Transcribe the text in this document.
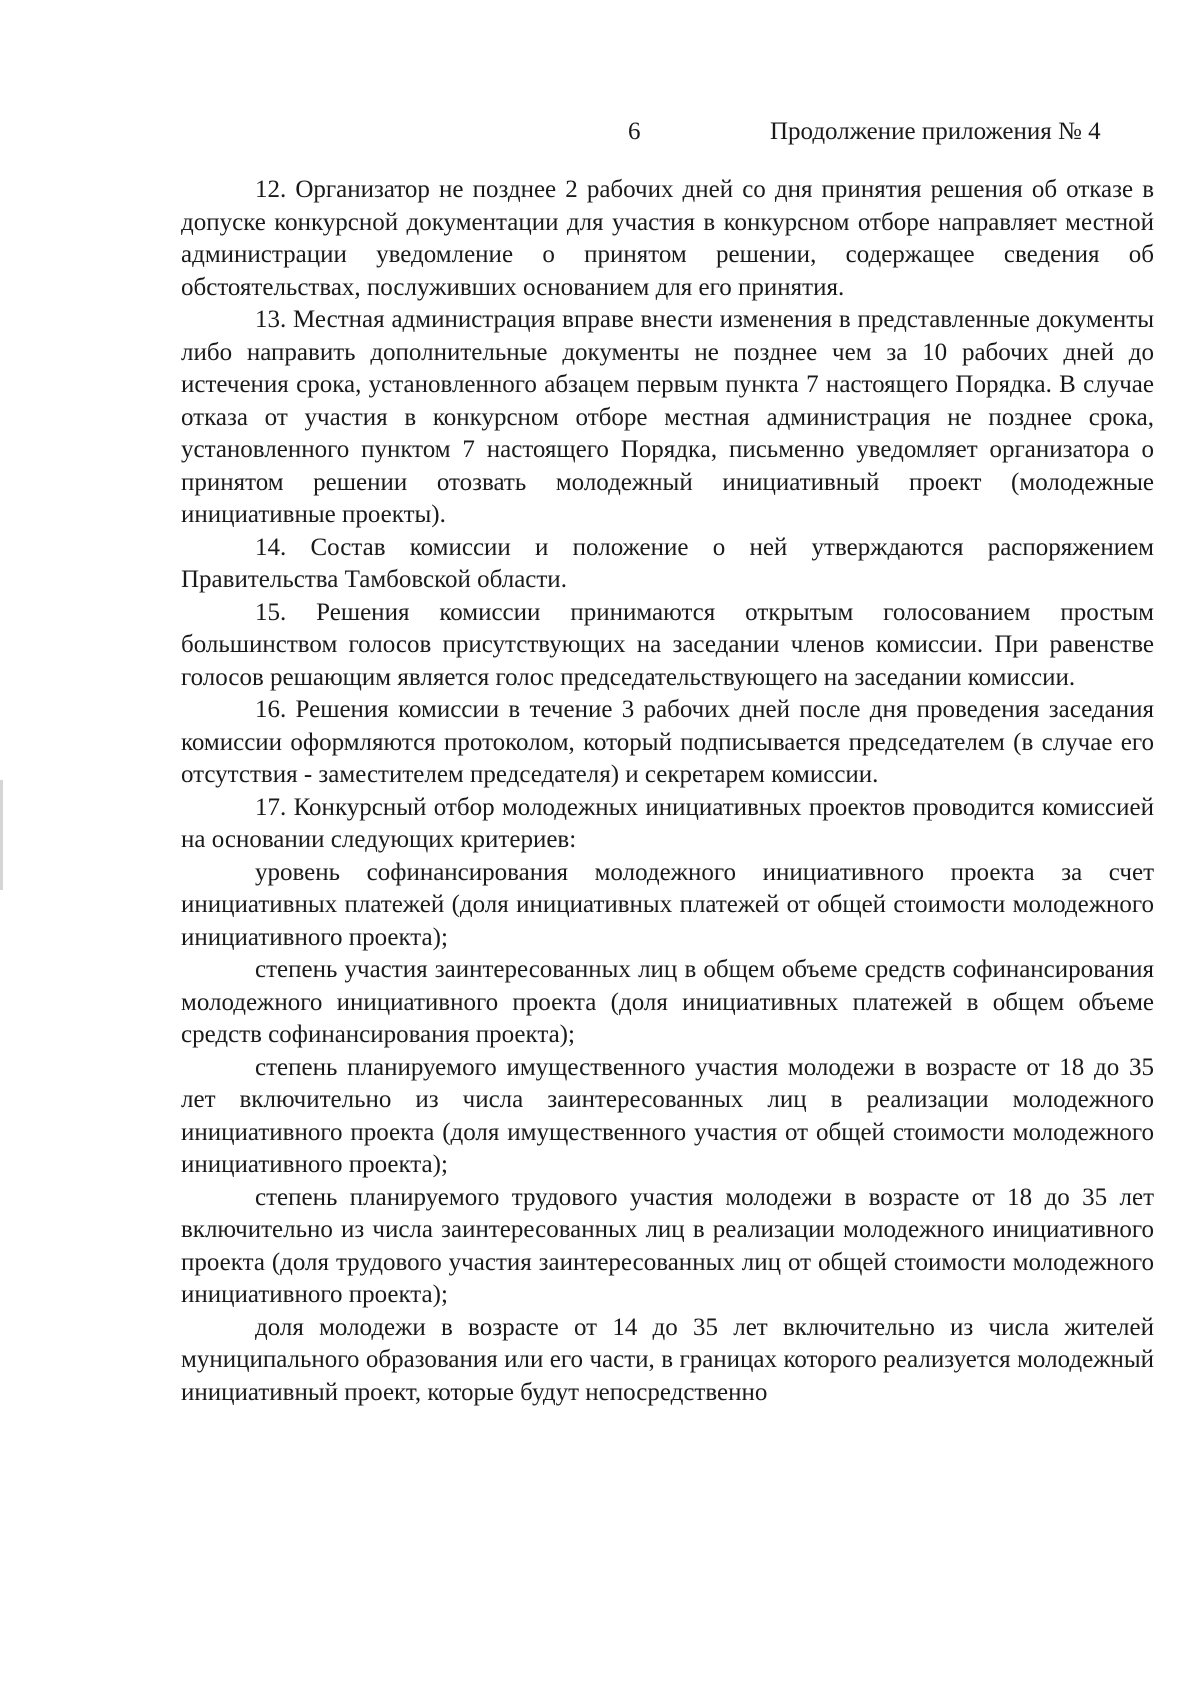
6	Продолжение приложения № 4

12. Организатор не позднее 2 рабочих дней со дня принятия решения об отказе в допуске конкурсной документации для участия в конкурсном отборе направляет местной администрации уведомление о принятом решении, содержащее сведения об обстоятельствах, послуживших основанием для его принятия.

13. Местная администрация вправе внести изменения в представленные документы либо направить дополнительные документы не позднее чем за 10 рабочих дней до истечения срока, установленного абзацем первым пункта 7 настоящего Порядка. В случае отказа от участия в конкурсном отборе местная администрация не позднее срока, установленного пунктом 7 настоящего Порядка, письменно уведомляет организатора о принятом решении отозвать молодежный инициативный проект (молодежные инициативные проекты).

14. Состав комиссии и положение о ней утверждаются распоряжением Правительства Тамбовской области.

15. Решения комиссии принимаются открытым голосованием простым большинством голосов присутствующих на заседании членов комиссии. При равенстве голосов решающим является голос председательствующего на заседании комиссии.

16. Решения комиссии в течение 3 рабочих дней после дня проведения заседания комиссии оформляются протоколом, который подписывается председателем (в случае его отсутствия - заместителем председателя) и секретарем комиссии.

17. Конкурсный отбор молодежных инициативных проектов проводится комиссией на основании следующих критериев:

уровень софинансирования молодежного инициативного проекта за счет инициативных платежей (доля инициативных платежей от общей стоимости молодежного инициативного проекта);

степень участия заинтересованных лиц в общем объеме средств софинансирования молодежного инициативного проекта (доля инициативных платежей в общем объеме средств софинансирования проекта);

степень планируемого имущественного участия молодежи в возрасте от 18 до 35 лет включительно из числа заинтересованных лиц в реализации молодежного инициативного проекта (доля имущественного участия от общей стоимости молодежного инициативного проекта);

степень планируемого трудового участия молодежи в возрасте от 18 до 35 лет включительно из числа заинтересованных лиц в реализации молодежного инициативного проекта (доля трудового участия заинтересованных лиц от общей стоимости молодежного инициативного проекта);

доля молодежи в возрасте от 14 до 35 лет включительно из числа жителей муниципального образования или его части, в границах которого реализуется молодежный инициативный проект, которые будут непосредственно
